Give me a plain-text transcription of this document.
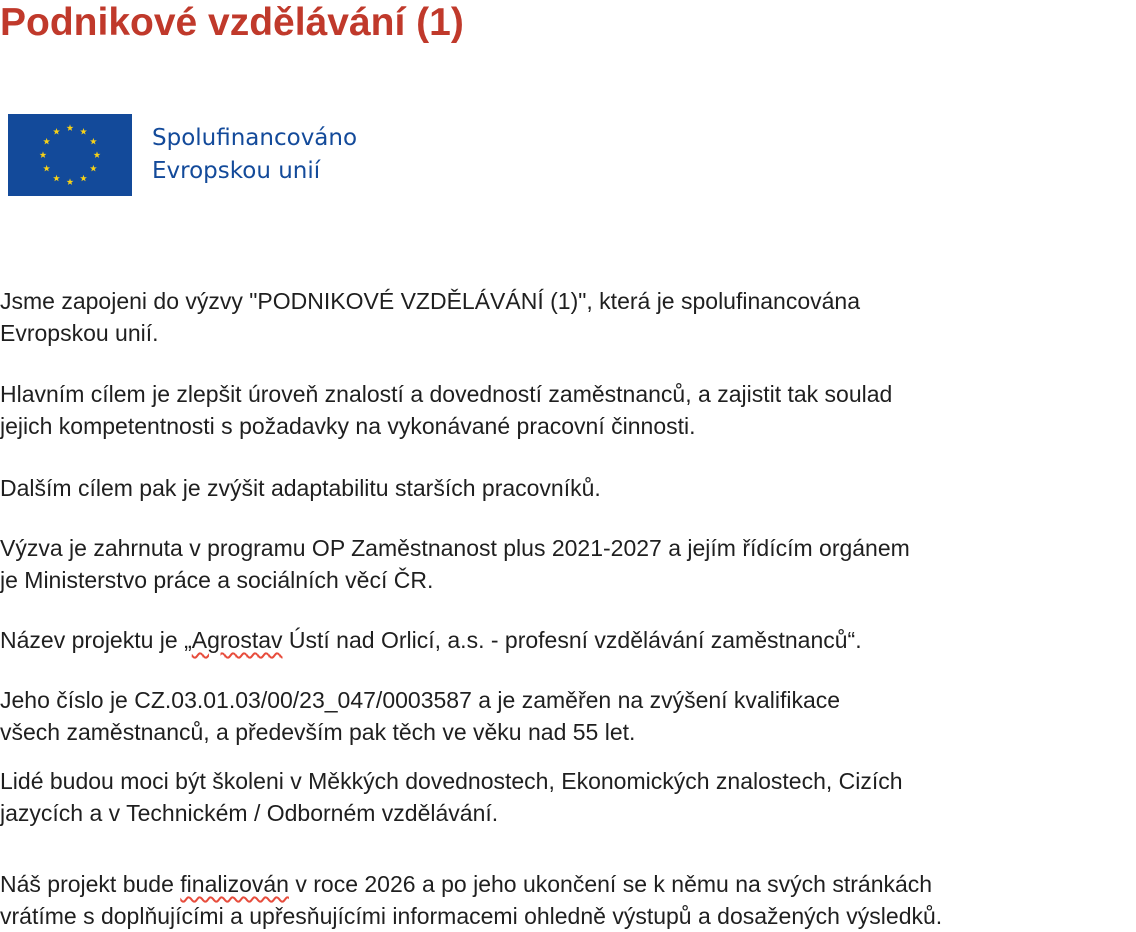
Podnikové vzdělávání (1)
Spolufinancováno
Evropskou unií

Jsme zapojeni do výzvy "PODNIKOVÉ VZDĚLÁVÁNÍ (1)", která je spolufinancována
Evropskou unií.

Hlavním cílem je zlepšit úroveň znalostí a dovedností zaměstnanců, a zajistit tak soulad
jejich kompetentnosti s požadavky na vykonávané pracovní činnosti.

Dalším cílem pak je zvýšit adaptabilitu starších pracovníků.

Výzva je zahrnuta v programu OP Zaměstnanost plus 2021-2027 a jejím řídícím orgánem
je Ministerstvo práce a sociálních věcí ČR.

Název projektu je „Agrostav Ústí nad Orlicí, a.s. - profesní vzdělávání zaměstnanců“.

Jeho číslo je CZ.03.01.03/00/23_047/0003587 a je zaměřen na zvýšení kvalifikace
všech zaměstnanců, a především pak těch ve věku nad 55 let.

Lidé budou moci být školeni v Měkkých dovednostech, Ekonomických znalostech, Cizích
jazycích a v Technickém / Odborném vzdělávání.

Náš projekt bude finalizován v roce 2026 a po jeho ukončení se k němu na svých stránkách
vrátíme s doplňujícími a upřesňujícími informacemi ohledně výstupů a dosažených výsledků.
